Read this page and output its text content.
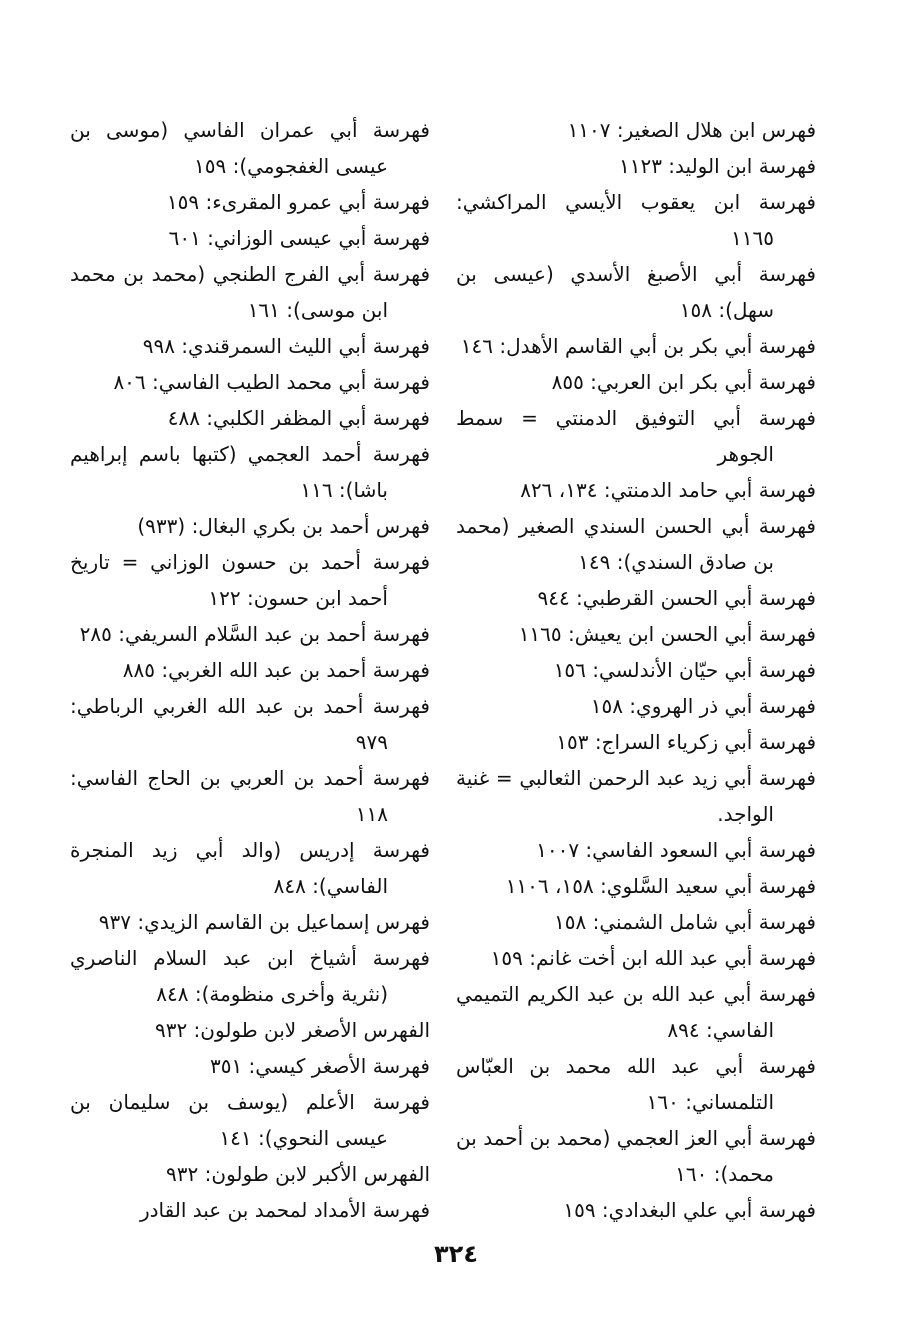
فهرس ابن هلال الصغير: ١١٠٧
فهرسة ابن الوليد: ١١٢٣
فهرسة ابن يعقوب الأيسي المراكشي: ١١٦٥
فهرسة أبي الأصبغ الأسدي (عيسى بن سهل): ١٥٨
فهرسة أبي بكر بن أبي القاسم الأهدل: ١٤٦
فهرسة أبي بكر ابن العربي: ٨٥٥
فهرسة أبي التوفيق الدمنتي = سمط الجوهر
فهرسة أبي حامد الدمنتي: ١٣٤، ٨٢٦
فهرسة أبي الحسن السندي الصغير (محمد بن صادق السندي): ١٤٩
فهرسة أبي الحسن القرطبي: ٩٤٤
فهرسة أبي الحسن ابن يعيش: ١١٦٥
فهرسة أبي حيّان الأندلسي: ١٥٦
فهرسة أبي ذر الهروي: ١٥٨
فهرسة أبي زكرياء السراج: ١٥٣
فهرسة أبي زيد عبد الرحمن الثعالبي = غنية الواجد.
فهرسة أبي السعود الفاسي: ١٠٠٧
فهرسة أبي سعيد السَّلوي: ١٥٨، ١١٠٦
فهرسة أبي شامل الشمني: ١٥٨
فهرسة أبي عبد الله ابن أخت غانم: ١٥٩
فهرسة أبي عبد الله بن عبد الكريم التميمي الفاسي: ٨٩٤
فهرسة أبي عبد الله محمد بن العبّاس التلمساني: ١٦٠
فهرسة أبي العز العجمي (محمد بن أحمد بن محمد): ١٦٠
فهرسة أبي علي البغدادي: ١٥٩
فهرسة أبي عمران الفاسي (موسى بن عيسى الغفجومي): ١٥٩
فهرسة أبي عمرو المقرىء: ١٥٩
فهرسة أبي عيسى الوزاني: ٦٠١
فهرسة أبي الفرج الطنجي (محمد بن محمد ابن موسى): ١٦١
فهرسة أبي الليث السمرقندي: ٩٩٨
فهرسة أبي محمد الطيب الفاسي: ٨٠٦
فهرسة أبي المظفر الكلبي: ٤٨٨
فهرسة أحمد العجمي (كتبها باسم إبراهيم باشا): ١١٦
فهرس أحمد بن بكري البغال: (٩٣٣)
فهرسة أحمد بن حسون الوزاني = تاريخ أحمد ابن حسون: ١٢٢
فهرسة أحمد بن عبد السَّلام السريفي: ٢٨٥
فهرسة أحمد بن عبد الله الغربي: ٨٨٥
فهرسة أحمد بن عبد الله الغربي الرباطي: ٩٧٩
فهرسة أحمد بن العربي بن الحاج الفاسي: ١١٨
فهرسة إدريس (والد أبي زيد المنجرة الفاسي): ٨٤٨
فهرس إسماعيل بن القاسم الزيدي: ٩٣٧
فهرسة أشياخ ابن عبد السلام الناصري (نثرية وأخرى منظومة): ٨٤٨
الفهرس الأصغر لابن طولون: ٩٣٢
فهرسة الأصغر كيسي: ٣٥١
فهرسة الأعلم (يوسف بن سليمان بن عيسى النحوي): ١٤١
الفهرس الأكبر لابن طولون: ٩٣٢
فهرسة الأمداد لمحمد بن عبد القادر
٣٢٤
